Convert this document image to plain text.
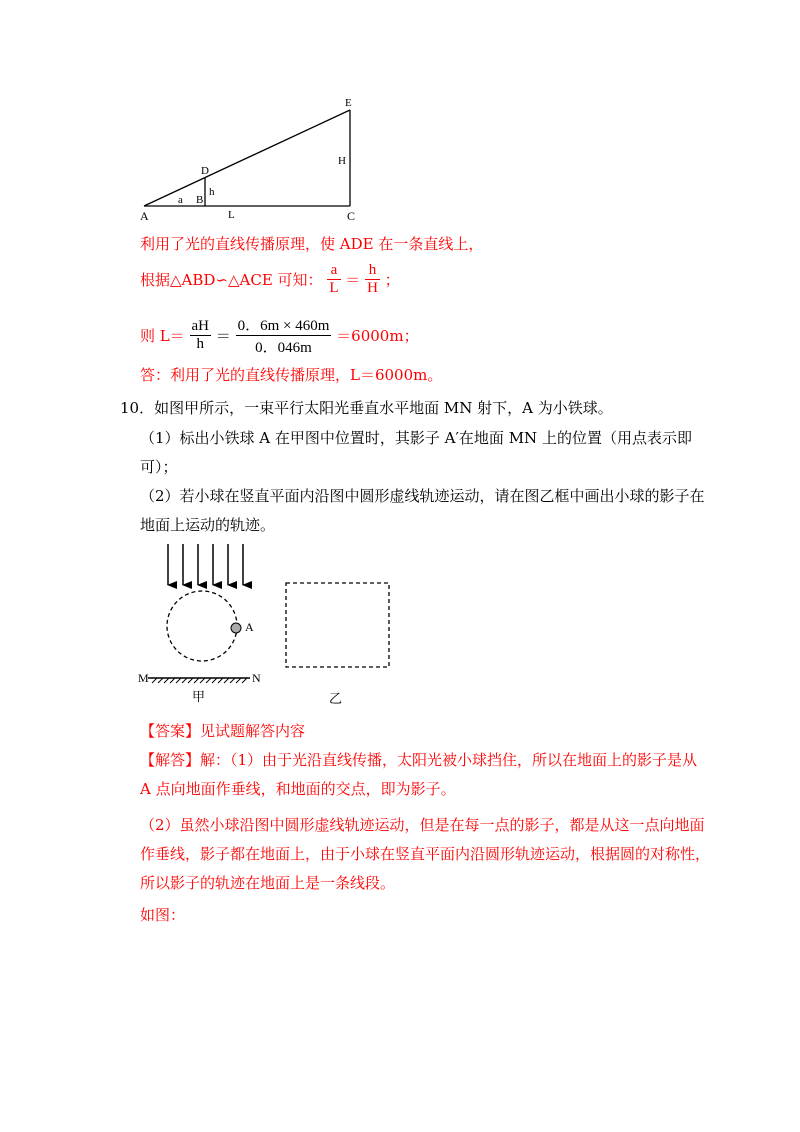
A
a B
D
h
L	C
H
E
利用了光的直线传播原理，使 ADE 在一条直线上，
根据△ABD∽△ACE 可知： $\frac{a}{L} = \frac{h}{H}$ ；
则 $L= \frac{aH}{h} = \frac{0.6m \times 460m}{0.046m} =6000m$；
答：利用了光的直线传播原理，L＝6000m。
10．如图甲所示，一束平行太阳光垂直水平地面 MN 射下，A 为小铁球。
（1）标出小铁球 A 在甲图中位置时，其影子 A′在地面 MN 上的位置（用点表示即
可）；
（2）若小球在竖直平面内沿图中圆形虚线轨迹运动，请在图乙框中画出小球的影子在
地面上运动的轨迹。
A
M	N
甲	乙
【答案】见试题解答内容
【解答】解：（1）由于光沿直线传播，太阳光被小球挡住，所以在地面上的影子是从
A 点向地面作垂线，和地面的交点，即为影子。
（2）虽然小球沿图中圆形虚线轨迹运动，但是在每一点的影子，都是从这一点向地面
作垂线，影子都在地面上，由于小球在竖直平面内沿圆形轨迹运动，根据圆的对称性，
所以影子的轨迹在地面上是一条线段。
如图：
